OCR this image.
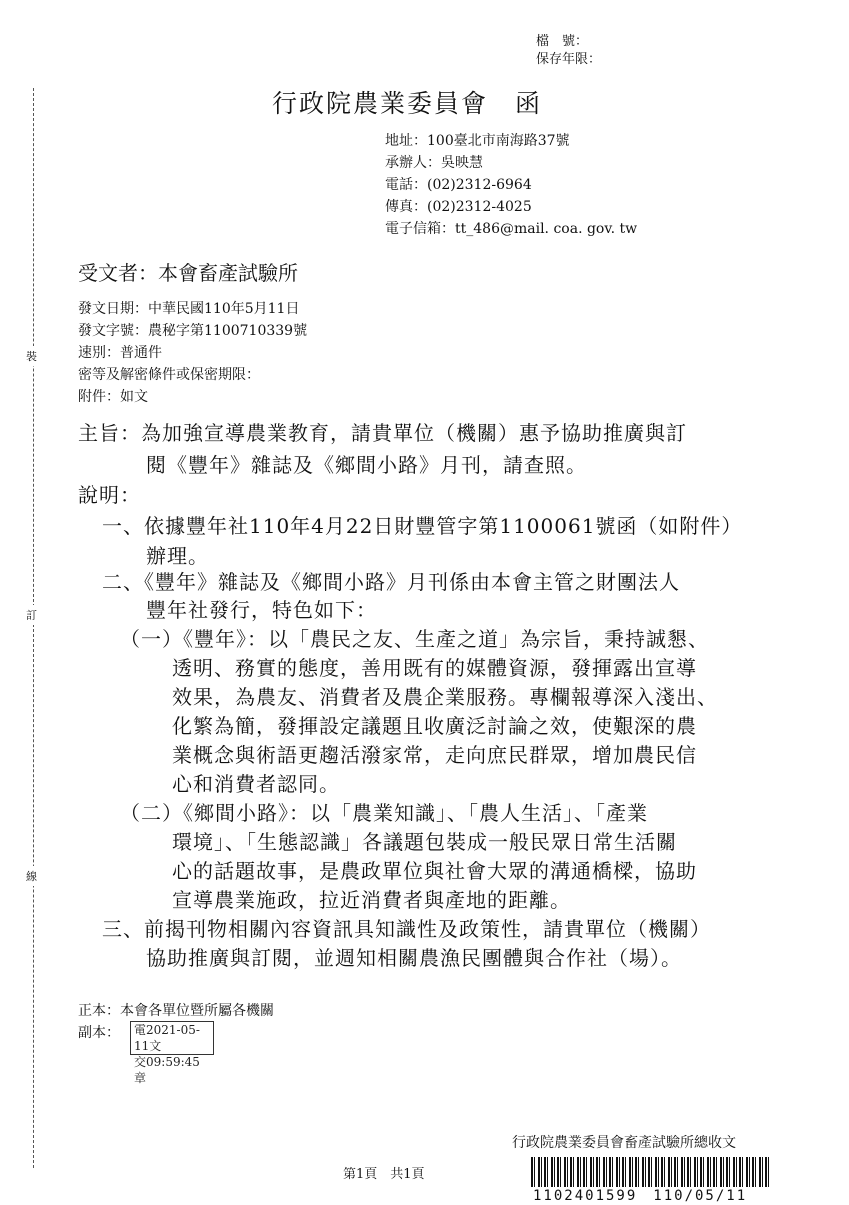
裝
訂
線
檔　號：
保存年限：
行政院農業委員會　函
地址：100臺北市南海路37號
承辦人：吳映慧
電話：(02)2312-6964
傳真：(02)2312-4025
電子信箱：tt_486@mail. coa. gov. tw
受文者：本會畜產試驗所
發文日期：中華民國110年5月11日
發文字號：農秘字第1100710339號
速別：普通件
密等及解密條件或保密期限：
附件：如文
主旨：為加強宣導農業教育，請貴單位（機關）惠予協助推廣與訂
閱《豐年》雜誌及《鄉間小路》月刊，請查照。
說明：
一、依據豐年社110年4月22日財豐管字第1100061號函（如附件）
辦理。
二、《豐年》雜誌及《鄉間小路》月刊係由本會主管之財團法人
豐年社發行，特色如下：
（一）《豐年》：以「農民之友、生產之道」為宗旨，秉持誠懇、
透明、務實的態度，善用既有的媒體資源，發揮露出宣導
效果，為農友、消費者及農企業服務。專欄報導深入淺出、
化繁為簡，發揮設定議題且收廣泛討論之效，使艱深的農
業概念與術語更趨活潑家常，走向庶民群眾，增加農民信
心和消費者認同。
（二）《鄉間小路》：以「農業知識」、「農人生活」、「產業
環境」、「生態認識」各議題包裝成一般民眾日常生活關
心的話題故事，是農政單位與社會大眾的溝通橋樑，協助
宣導農業施政，拉近消費者與產地的距離。
三、前揭刊物相關內容資訊具知識性及政策性，請貴單位（機關）
協助推廣與訂閱，並週知相關農漁民團體與合作社（場）。
正本：本會各單位暨所屬各機關
副本： 電2021-05-11文
交09:59:45章
第1頁　共1頁
行政院農業委員會畜產試驗所總收文
1102401599　110/05/11
